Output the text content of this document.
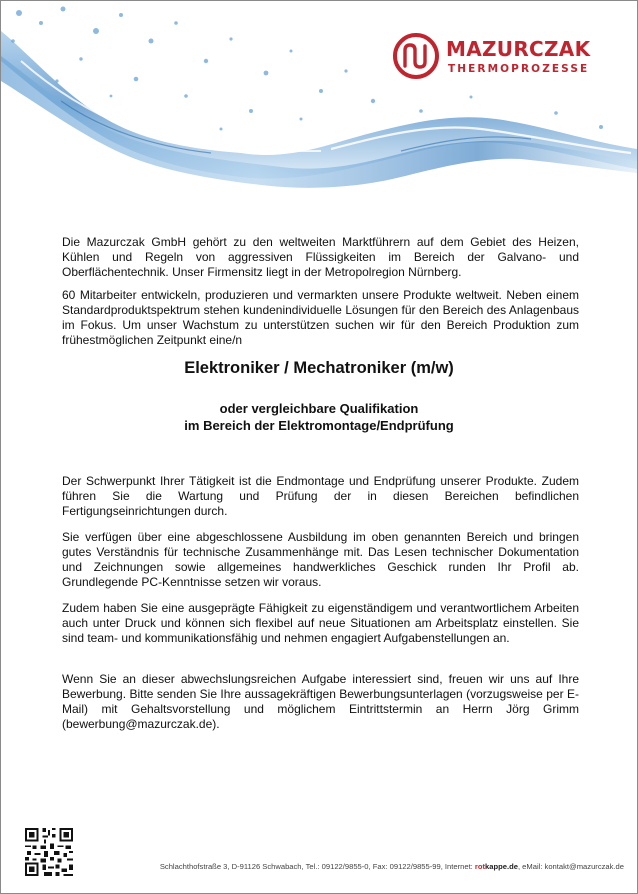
MAZURCZAK
THERMOPROZESSE

Die Mazurczak GmbH gehört zu den weltweiten Marktführern auf dem Gebiet des Heizen, Kühlen und Regeln von aggressiven Flüssigkeiten im Bereich der Galvano- und Oberflächentechnik. Unser Firmensitz liegt in der Metropolregion Nürnberg.

60 Mitarbeiter entwickeln, produzieren und vermarkten unsere Produkte weltweit. Neben einem Standardproduktspektrum stehen kundenindividuelle Lösungen für den Bereich des Anlagenbaus im Fokus. Um unser Wachstum zu unterstützen suchen wir für den Bereich Produktion zum frühestmöglichen Zeitpunkt eine/n

Elektroniker / Mechatroniker (m/w)
oder vergleichbare Qualifikation
im Bereich der Elektromontage/Endprüfung

Der Schwerpunkt Ihrer Tätigkeit ist die Endmontage und Endprüfung unserer Produkte. Zudem führen Sie die Wartung und Prüfung der in diesen Bereichen befindlichen Fertigungseinrichtungen durch.

Sie verfügen über eine abgeschlossene Ausbildung im oben genannten Bereich und bringen gutes Verständnis für technische Zusammenhänge mit. Das Lesen technischer Dokumentation und Zeichnungen sowie allgemeines handwerkliches Geschick runden Ihr Profil ab. Grundlegende PC-Kenntnisse setzen wir voraus.

Zudem haben Sie eine ausgeprägte Fähigkeit zu eigenständigem und verantwortlichem Arbeiten auch unter Druck und können sich flexibel auf neue Situationen am Arbeitsplatz einstellen. Sie sind team- und kommunikationsfähig und nehmen engagiert Aufgabenstellungen an.

Wenn Sie an dieser abwechslungsreichen Aufgabe interessiert sind, freuen wir uns auf Ihre Bewerbung. Bitte senden Sie Ihre aussagekräftigen Bewerbungsunterlagen (vorzugsweise per E-Mail) mit Gehaltsvorstellung und möglichem Eintrittstermin an Herrn Jörg Grimm (bewerbung@mazurczak.de).

Schlachthofstraße 3, D-91126 Schwabach, Tel.: 09122/9855-0, Fax: 09122/9855-99, Internet: rotkappe.de, eMail: kontakt@mazurczak.de
